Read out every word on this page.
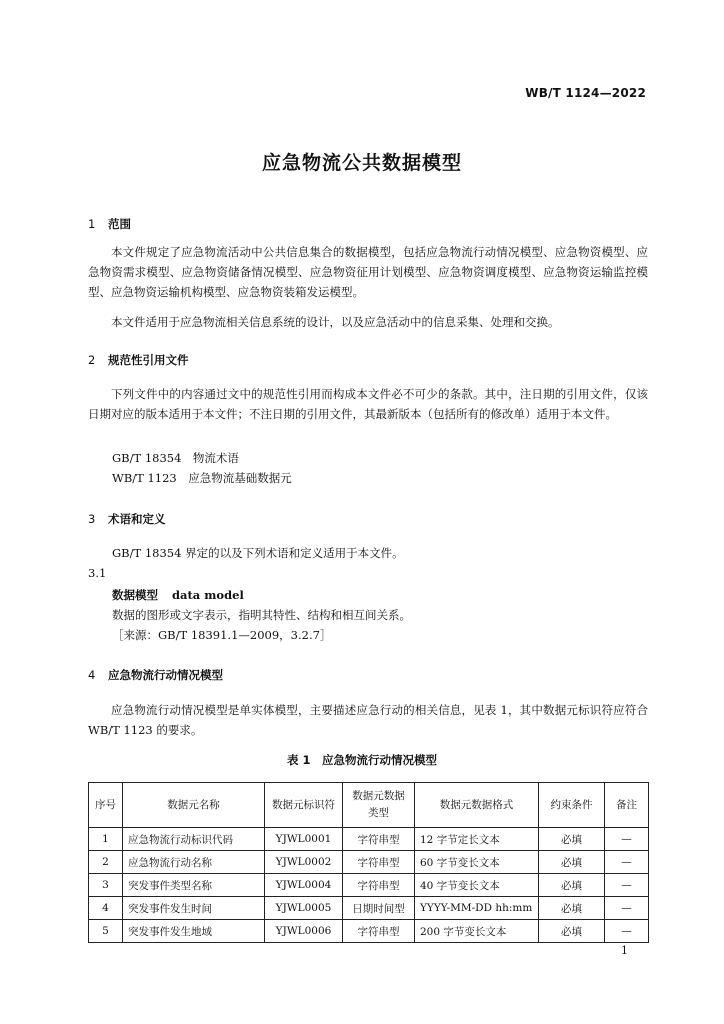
WB/T 1124—2022
应急物流公共数据模型
1 范围

本文件规定了应急物流活动中公共信息集合的数据模型，包括应急物流行动情况模型、应急物资模型、应急物资需求模型、应急物资储备情况模型、应急物资征用计划模型、应急物资调度模型、应急物资运输监控模型、应急物资运输机构模型、应急物资装箱发运模型。

本文件适用于应急物流相关信息系统的设计，以及应急活动中的信息采集、处理和交换。

2 规范性引用文件

下列文件中的内容通过文中的规范性引用而构成本文件必不可少的条款。其中，注日期的引用文件，仅该日期对应的版本适用于本文件；不注日期的引用文件，其最新版本（包括所有的修改单）适用于本文件。

GB/T 18354　物流术语
WB/T 1123　应急物流基础数据元
3 术语和定义
GB/T 18354 界定的以及下列术语和定义适用于本文件。
3.1
数据模型 data model
数据的图形或文字表示，指明其特性、结构和相互间关系。
［来源：GB/T 18391.1—2009，3.2.7］
4 应急物流行动情况模型

应急物流行动情况模型是单实体模型，主要描述应急行动的相关信息，见表 1，其中数据元标识符应符合 WB/T 1123 的要求。

表 1　应急物流行动情况模型
序号	数据元名称	数据元标识符	数据元数据类型	数据元数据格式	约束条件	备注
1	应急物流行动标识代码	YJWL0001	字符串型	12 字节定长文本	必填	—
2	应急物流行动名称	YJWL0002	字符串型	60 字节变长文本	必填	—
3	突发事件类型名称	YJWL0004	字符串型	40 字节变长文本	必填	—
4	突发事件发生时间	YJWL0005	日期时间型	YYYY-MM-DD hh:mm	必填	—
5	突发事件发生地域	YJWL0006	字符串型	200 字节变长文本	必填	—
1
